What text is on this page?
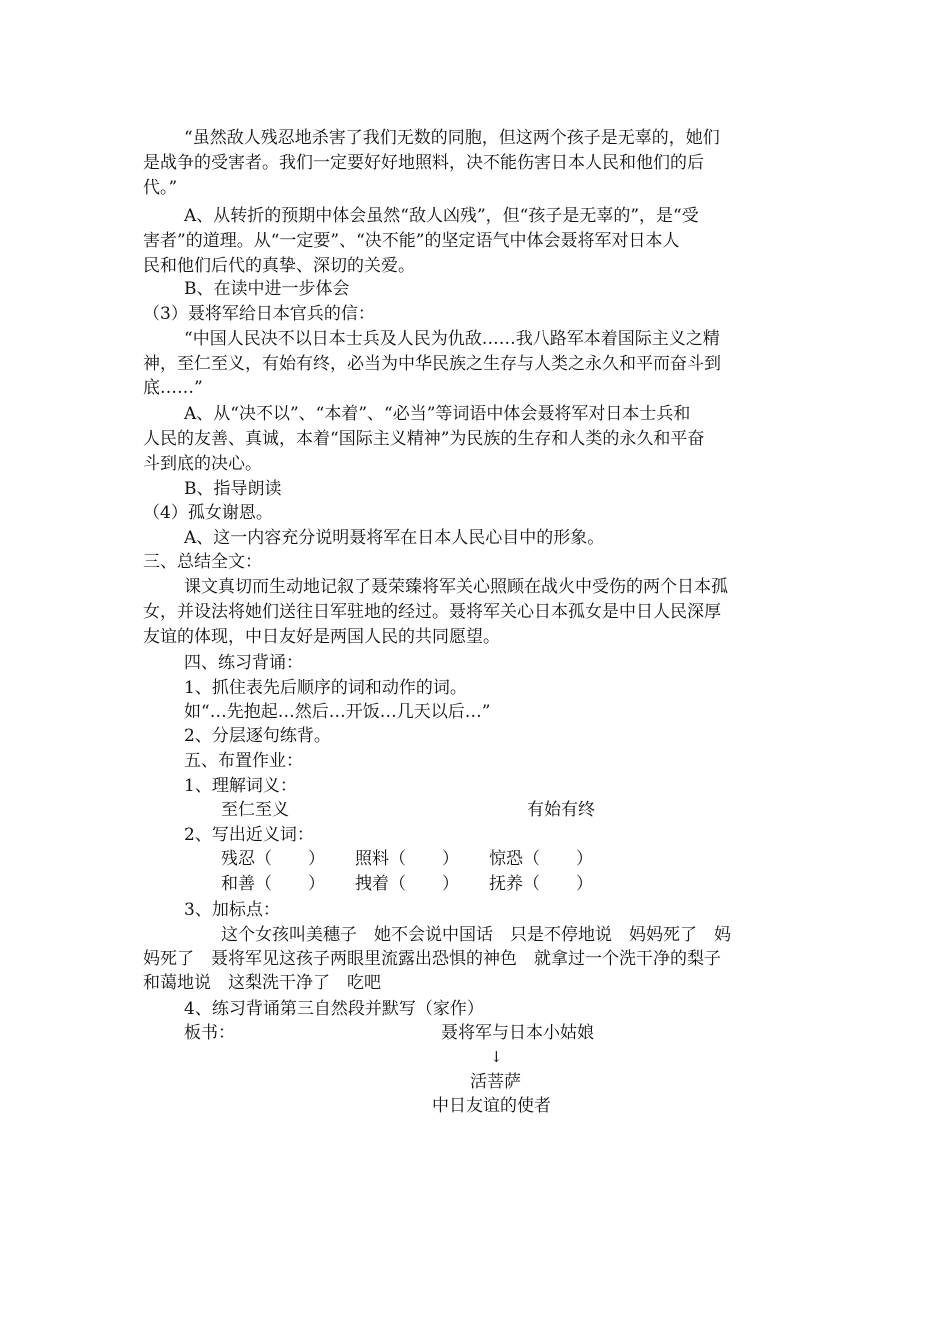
“虽然敌人残忍地杀害了我们无数的同胞，但这两个孩子是无辜的，她们
是战争的受害者。我们一定要好好地照料，决不能伤害日本人民和他们的后
代。”
A、从转折的预期中体会虽然“敌人凶残”，但“孩子是无辜的”，是“受
害者”的道理。从“一定要”、“决不能”的坚定语气中体会聂将军对日本人
民和他们后代的真挚、深切的关爱。
B、在读中进一步体会
（3）聂将军给日本官兵的信：
“中国人民决不以日本士兵及人民为仇敌……我八路军本着国际主义之精
神，至仁至义，有始有终，必当为中华民族之生存与人类之永久和平而奋斗到
底……”
A、从“决不以”、“本着”、“必当”等词语中体会聂将军对日本士兵和
人民的友善、真诚，本着“国际主义精神”为民族的生存和人类的永久和平奋
斗到底的决心。
B、指导朗读
（4）孤女谢恩。
A、这一内容充分说明聂将军在日本人民心目中的形象。
三、总结全文：
课文真切而生动地记叙了聂荣臻将军关心照顾在战火中受伤的两个日本孤
女，并设法将她们送往日军驻地的经过。聂将军关心日本孤女是中日人民深厚
友谊的体现，中日友好是两国人民的共同愿望。
四、练习背诵：
1、抓住表先后顺序的词和动作的词。
如“…先抱起…然后…开饭…几天以后…”
2、分层逐句练背。
五、布置作业：
1、理解词义：
至仁至义	有始有终
2、写出近义词：
残忍（ ） 照料（ ） 惊恐（ ）
和善（ ） 拽着（ ） 抚养（ ）
3、加标点：
这个女孩叫美穗子　她不会说中国话　只是不停地说　妈妈死了　妈
妈死了　聂将军见这孩子两眼里流露出恐惧的神色　就拿过一个洗干净的梨子
和蔼地说　这梨洗干净了　吃吧
4、练习背诵第三自然段并默写（家作）
板书：	聂将军与日本小姑娘
↓
活菩萨
中日友谊的使者
